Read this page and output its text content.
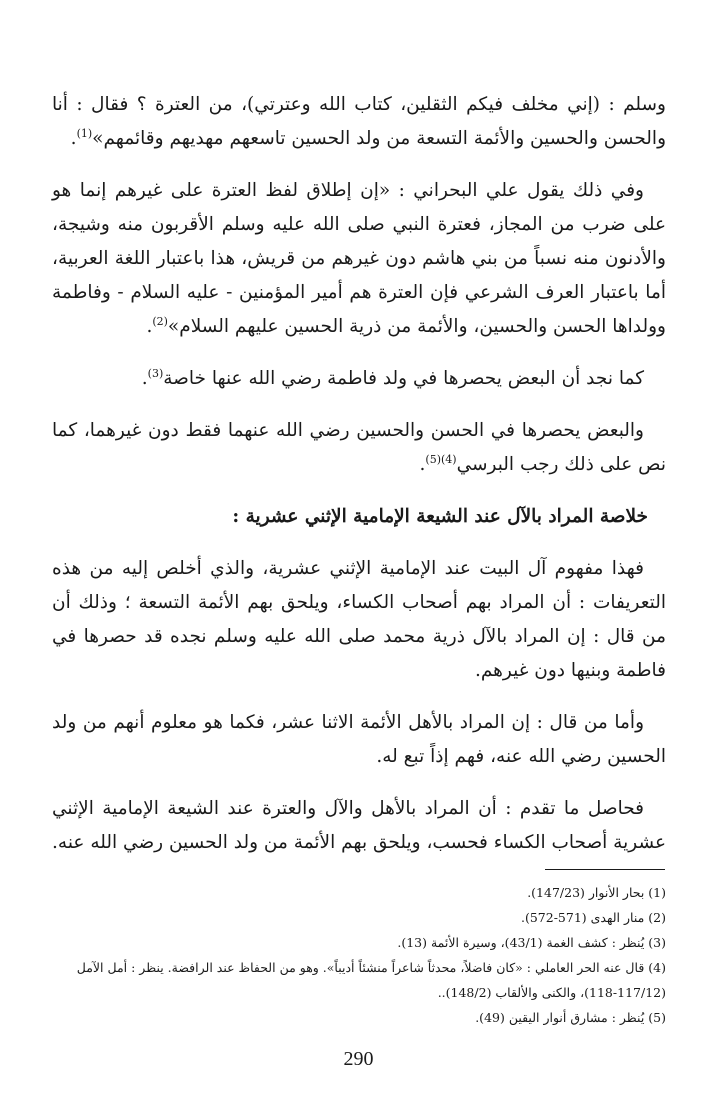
وسلم : (إني مخلف فيكم الثقلين، كتاب الله وعترتي)، من العترة ؟ فقال : أنا والحسن والحسين والأئمة التسعة من ولد الحسين تاسعهم مهديهم وقائمهم»$^{(1)}$.

وفي ذلك يقول علي البحراني : «إن إطلاق لفظ العترة على غيرهم إنما هو على ضرب من المجاز، فعترة النبي صلى الله عليه وسلم الأقربون منه وشيجة، والأدنون منه نسباً من بني هاشم دون غيرهم من قريش، هذا باعتبار اللغة العربية، أما باعتبار العرف الشرعي فإن العترة هم أمير المؤمنين - عليه السلام - وفاطمة وولداها الحسن والحسين، والأئمة من ذرية الحسين عليهم السلام»$^{(2)}$.

كما نجد أن البعض يحصرها في ولد فاطمة رضي الله عنها خاصة$^{(3)}$.

والبعض يحصرها في الحسن والحسين رضي الله عنهما فقط دون غيرهما، كما نص على ذلك رجب البرسي$^{(4)(5)}$.

خلاصة المراد بالآل عند الشيعة الإمامية الإثني عشرية :

فهذا مفهوم آل البيت عند الإمامية الإثني عشرية، والذي أخلص إليه من هذه التعريفات : أن المراد بهم أصحاب الكساء، ويلحق بهم الأئمة التسعة ؛ وذلك أن من قال : إن المراد بالآل ذرية محمد صلى الله عليه وسلم نجده قد حصرها في فاطمة وبنيها دون غيرهم.

وأما من قال : إن المراد بالأهل الأئمة الاثنا عشر، فكما هو معلوم أنهم من ولد الحسين رضي الله عنه، فهم إذاً تبع له.

فحاصل ما تقدم : أن المراد بالأهل والآل والعترة عند الشيعة الإمامية الإثني عشرية أصحاب الكساء فحسب، ويلحق بهم الأئمة من ولد الحسين رضي الله عنه.

(1) بحار الأنوار (147/23).

(2) منار الهدى (571-572).

(3) يُنظر : كشف الغمة (43/1)، وسيرة الأئمة (13).

(4) قال عنه الحر العاملي : «كان فاضلاً، محدثاً شاعراً منشئاً أديباً». وهو من الحفاظ عند الرافضة. ينظر : أمل الآمل (117/12-118)، والكنى والألقاب (148/2)..

(5) يُنظر : مشارق أنوار اليقين (49).

290
